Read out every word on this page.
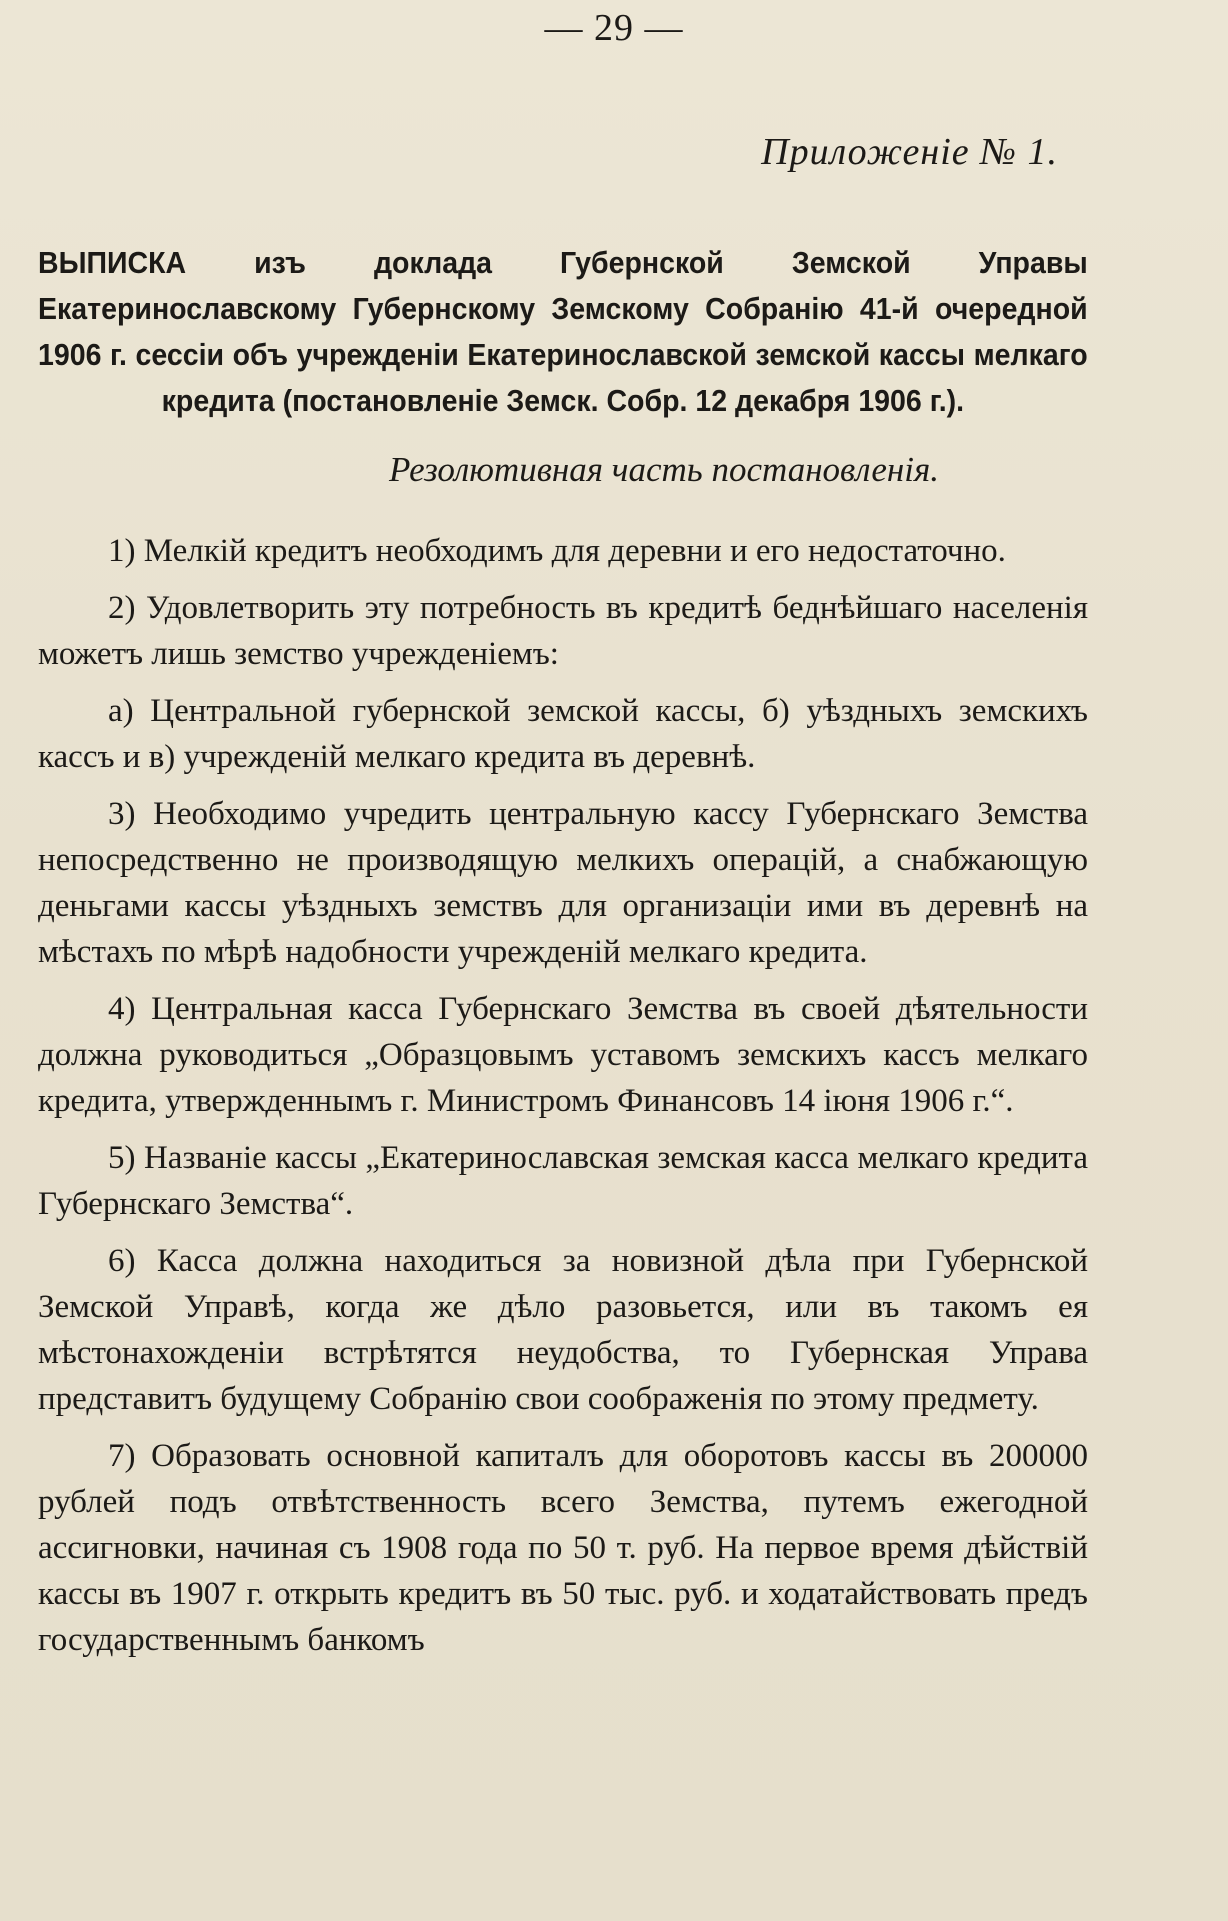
— 29 —
Приложеніе № 1.
ВЫПИСКА изъ доклада Губернской Земской Управы Екатеринославскому Губернскому Земскому Собранію 41-й очередной 1906 г. сессіи объ учрежденіи Екатеринославской земской кассы мелкаго кредита (постановленіе Земск. Собр. 12 декабря 1906 г.).
Резолютивная часть постановленія.

1) Мелкій кредитъ необходимъ для деревни и его недостаточно.

2) Удовлетворить эту потребность въ кредитѣ беднѣйшаго населенія можетъ лишь земство учрежденіемъ:

а) Центральной губернской земской кассы, б) уѣздныхъ земскихъ кассъ и в) учрежденій мелкаго кредита въ деревнѣ.

3) Необходимо учредить центральную кассу Губернскаго Земства непосредственно не производящую мелкихъ операцій, а снабжающую деньгами кассы уѣздныхъ земствъ для организаціи ими въ деревнѣ на мѣстахъ по мѣрѣ надобности учрежденій мелкаго кредита.

4) Центральная касса Губернскаго Земства въ своей дѣятельности должна руководиться „Образцовымъ уставомъ земскихъ кассъ мелкаго кредита, утвержденнымъ г. Министромъ Финансовъ 14 іюня 1906 г.“.

5) Названіе кассы „Екатеринославская земская касса мелкаго кредита Губернскаго Земства“.

6) Касса должна находиться за новизной дѣла при Губернской Земской Управѣ, когда же дѣло разовьется, или въ такомъ ея мѣстонахожденіи встрѣтятся неудобства, то Губернская Управа представитъ будущему Собранію свои соображенія по этому предмету.

7) Образовать основной капиталъ для оборотовъ кассы въ 200000 рублей подъ отвѣтственность всего Земства, путемъ ежегодной ассигновки, начиная съ 1908 года по 50 т. руб. На первое время дѣйствій кассы въ 1907 г. открыть кредитъ въ 50 тыс. руб. и ходатайствовать предъ государственнымъ банкомъ
